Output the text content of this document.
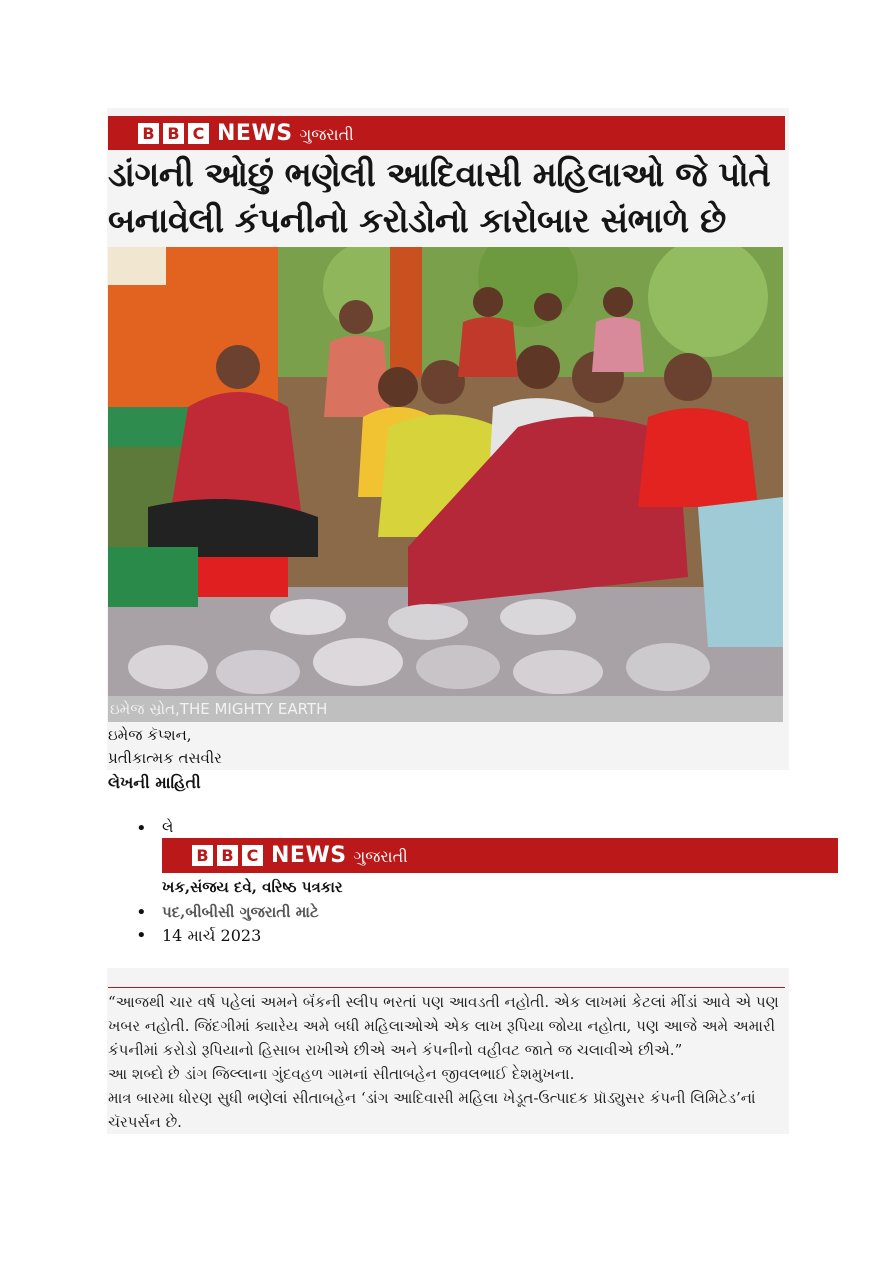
B B C NEWS ગુજરાતી
ડાંગની ઓછું ભણેલી આદિવાસી મહિલાઓ જે પોતે બનાવેલી કંપનીનો કરોડોનો કારોબાર સંભાળે છે
ઇમેજ સ્રોત,THE MIGHTY EARTH
ઇમેજ કૅપ્શન,
પ્રતીકાત્મક તસવીર
લેખની માહિતી
•
•
•
લે
B B C NEWS ગુજરાતી
ખક,સંજય દવે, વરિષ્ઠ પત્રકાર
પદ,બીબીસી ગુજરાતી માટે
14 માર્ચ 2023

“આજથી ચાર વર્ષ પહેલાં અમને બૅંકની સ્લીપ ભરતાં પણ આવડતી નહોતી. એક લાખમાં કેટલાં મીંડાં આવે એ પણ ખબર નહોતી. જિંદગીમાં ક્યારેય અમે બધી મહિલાઓએ એક લાખ રૂપિયા જોયા નહોતા, પણ આજે અમે અમારી કંપનીમાં કરોડો રૂપિયાનો હિસાબ રાખીએ છીએ અને કંપનીનો વહીવટ જાતે જ ચલાવીએ છીએ.”

આ શબ્દો છે ડાંગ જિલ્લાના ગુંદવહળ ગામનાં સીતાબહેન જીવલભાઈ દેશમુખના.

માત્ર બારમા ધોરણ સુધી ભણેલાં સીતાબહેન ‘ડાંગ આદિવાસી મહિલા ખેડૂત-ઉત્પાદક પ્રૉડ્યુસર કંપની લિમિટેડ’નાં ચૅરપર્સન છે.
